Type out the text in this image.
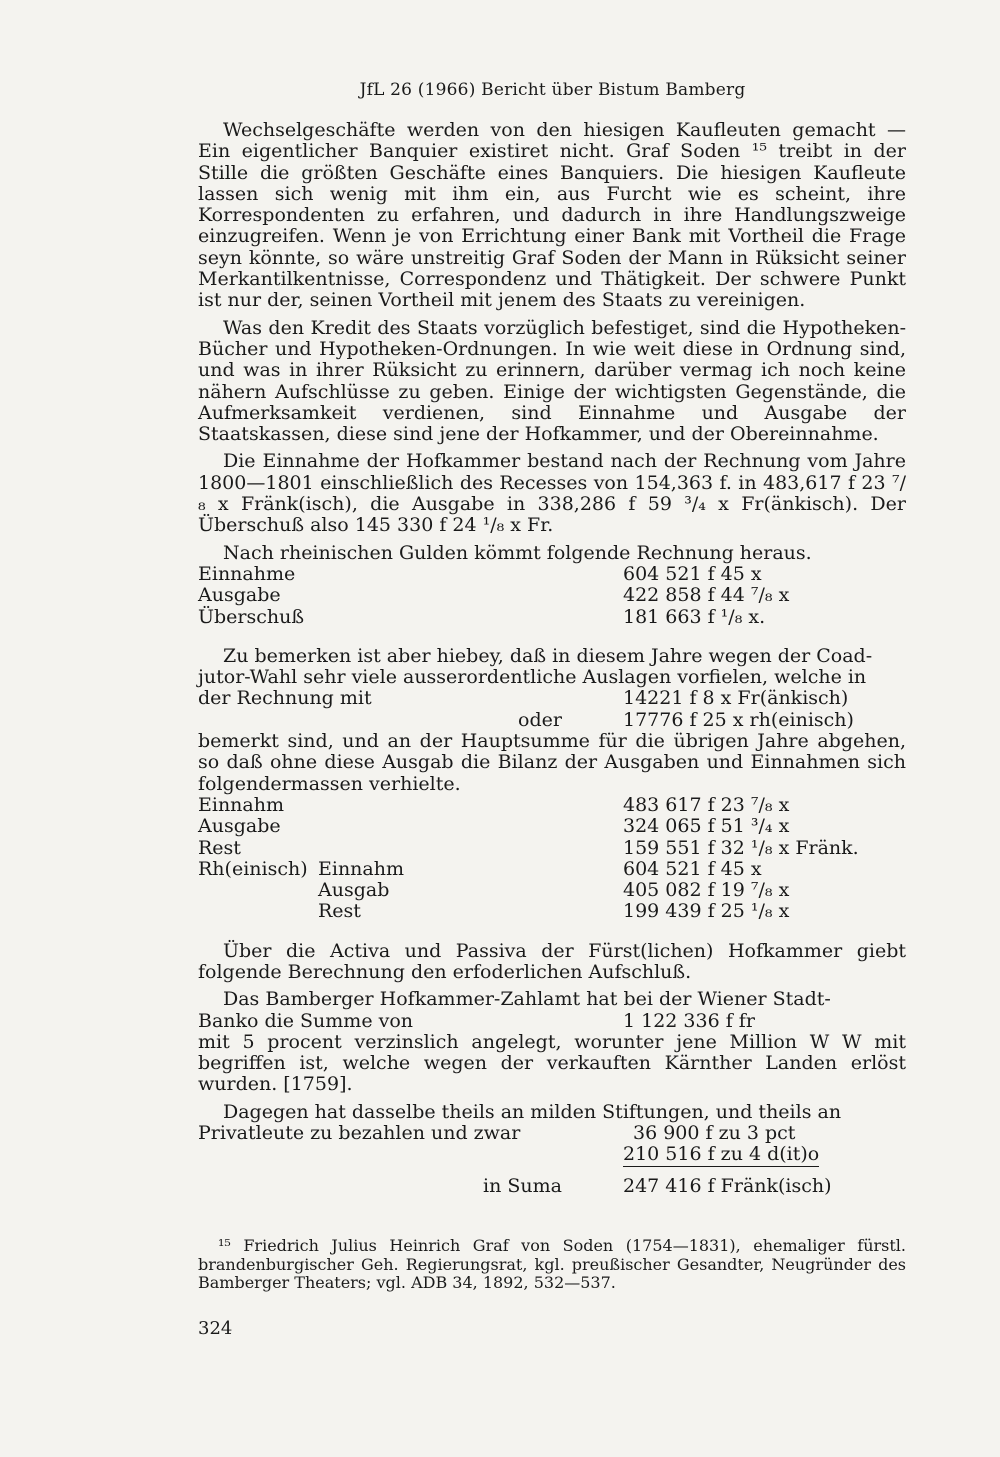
JfL 26 (1966) Bericht über Bistum Bamberg

Wechselgeschäfte werden von den hiesigen Kaufleuten gemacht — Ein eigentlicher Banquier existiret nicht. Graf Soden ¹⁵ treibt in der Stille die größten Geschäfte eines Banquiers. Die hiesigen Kaufleute lassen sich wenig mit ihm ein, aus Furcht wie es scheint, ihre Korrespondenten zu erfahren, und dadurch in ihre Handlungszweige einzugreifen. Wenn je von Errichtung einer Bank mit Vortheil die Frage seyn könnte, so wäre unstreitig Graf Soden der Mann in Rüksicht seiner Merkantilkentnisse, Correspondenz und Thätigkeit. Der schwere Punkt ist nur der, seinen Vortheil mit jenem des Staats zu vereinigen.

Was den Kredit des Staats vorzüglich befestiget, sind die Hypotheken-Bücher und Hypotheken-Ordnungen. In wie weit diese in Ordnung sind, und was in ihrer Rüksicht zu erinnern, darüber vermag ich noch keine nähern Aufschlüsse zu geben. Einige der wichtigsten Gegenstände, die Aufmerksamkeit verdienen, sind Einnahme und Ausgabe der Staatskassen, diese sind jene der Hofkammer, und der Obereinnahme.

Die Einnahme der Hofkammer bestand nach der Rechnung vom Jahre 1800—1801 einschließlich des Recesses von 154,363 f. in 483,617 f 23 ⁷/₈ x Fränk(isch), die Ausgabe in 338,286 f 59 ³/₄ x Fr(änkisch). Der Überschuß also 145 330 f 24 ¹/₈ x Fr.

Nach rheinischen Gulden kömmt folgende Rechnung heraus.

Einnahme	604 521 f 45 x
Ausgabe	422 858 f 44 ⁷/₈ x
Überschuß	181 663 f ¹/₈ x.
Zu bemerken ist aber hiebey, daß in diesem Jahre wegen der Coad-
jutor-Wahl sehr viele ausserordentliche Auslagen vorfielen, welche in
der Rechnung mit	14221 f 8 x Fr(änkisch)
oder	17776 f 25 x rh(einisch)

bemerkt sind, und an der Hauptsumme für die übrigen Jahre abgehen, so daß ohne diese Ausgab die Bilanz der Ausgaben und Einnahmen sich folgendermassen verhielte.

Einnahm	483 617 f 23 ⁷/₈ x
Ausgabe	324 065 f 51 ³/₄ x
Rest	159 551 f 32 ¹/₈ x Fränk.
Rh(einisch) Einnahm	604 521 f 45 x
Ausgab	405 082 f 19 ⁷/₈ x
Rest	199 439 f 25 ¹/₈ x

Über die Activa und Passiva der Fürst(lichen) Hofkammer giebt folgende Berechnung den erfoderlichen Aufschluß.

Das Bamberger Hofkammer-Zahlamt hat bei der Wiener Stadt-
Banko die Summe von	1 122 336 f fr

mit 5 procent verzinslich angelegt, worunter jene Million W W mit begriffen ist, welche wegen der verkauften Kärnther Landen erlöst wurden. [1759].

Dagegen hat dasselbe theils an milden Stiftungen, und theils an
Privatleute zu bezahlen und zwar	36 900 f zu 3 pct
210 516 f zu 4 d(it)o
in Suma	247 416 f Fränk(isch)

¹⁵ Friedrich Julius Heinrich Graf von Soden (1754—1831), ehemaliger fürstl. brandenburgischer Geh. Regierungsrat, kgl. preußischer Gesandter, Neugründer des Bamberger Theaters; vgl. ADB 34, 1892, 532—537.

324
